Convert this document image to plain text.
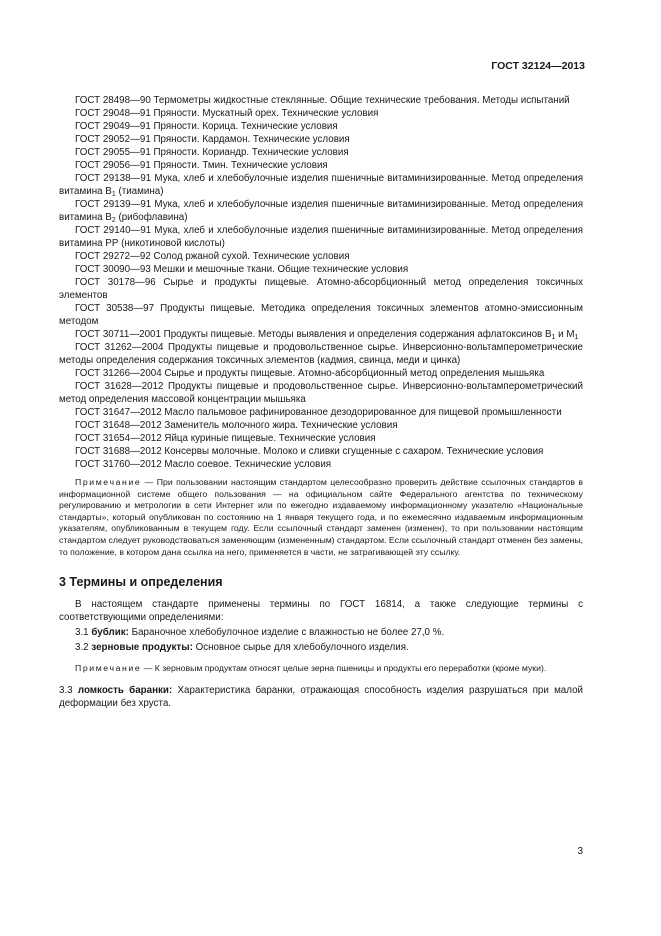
ГОСТ 32124—2013

ГОСТ 28498—90 Термометры жидкостные стеклянные. Общие технические требования. Методы испытаний

ГОСТ 29048—91 Пряности. Мускатный орех. Технические условия

ГОСТ 29049—91 Пряности. Корица. Технические условия

ГОСТ 29052—91 Пряности. Кардамон. Технические условия

ГОСТ 29055—91 Пряности. Кориандр. Технические условия

ГОСТ 29056—91 Пряности. Тмин. Технические условия

ГОСТ 29138—91 Мука, хлеб и хлебобулочные изделия пшеничные витаминизированные. Метод определения витамина $В_1$ (тиамина)

ГОСТ 29139—91 Мука, хлеб и хлебобулочные изделия пшеничные витаминизированные. Метод определения витамина $В_2$ (рибофлавина)

ГОСТ 29140—91 Мука, хлеб и хлебобулочные изделия пшеничные витаминизированные. Метод определения витамина РР (никотиновой кислоты)

ГОСТ 29272—92 Солод ржаной сухой. Технические условия

ГОСТ 30090—93 Мешки и мешочные ткани. Общие технические условия

ГОСТ 30178—96 Сырье и продукты пищевые. Атомно-абсорбционный метод определения токсичных элементов

ГОСТ 30538—97 Продукты пищевые. Методика определения токсичных элементов атомно-эмиссионным методом

ГОСТ 30711—2001 Продукты пищевые. Методы выявления и определения содержания афлатоксинов $В_1$ и $М_1$

ГОСТ 31262—2004 Продукты пищевые и продовольственное сырье. Инверсионно-вольтамперометрические методы определения содержания токсичных элементов (кадмия, свинца, меди и цинка)

ГОСТ 31266—2004 Сырье и продукты пищевые. Атомно-абсорбционный метод определения мышьяка

ГОСТ 31628—2012 Продукты пищевые и продовольственное сырье. Инверсионно-вольтамперометрический метод определения массовой концентрации мышьяка

ГОСТ 31647—2012 Масло пальмовое рафинированное дезодорированное для пищевой промышленности

ГОСТ 31648—2012 Заменитель молочного жира. Технические условия

ГОСТ 31654—2012 Яйца куриные пищевые. Технические условия

ГОСТ 31688—2012 Консервы молочные. Молоко и сливки сгущенные с сахаром. Технические условия

ГОСТ 31760—2012 Масло соевое. Технические условия

Примечание — При пользовании настоящим стандартом целесообразно проверить действие ссылочных стандартов в информационной системе общего пользования — на официальном сайте Федерального агентства по техническому регулированию и метрологии в сети Интернет или по ежегодно издаваемому информационному указателю «Национальные стандарты», который опубликован по состоянию на 1 января текущего года, и по ежемесячно издаваемым информационным указателям, опубликованным в текущем году. Если ссылочный стандарт заменен (изменен), то при пользовании настоящим стандартом следует руководствоваться заменяющим (измененным) стандартом. Если ссылочный стандарт отменен без замены, то положение, в котором дана ссылка на него, применяется в части, не затрагивающей эту ссылку.

3 Термины и определения

В настоящем стандарте применены термины по ГОСТ 16814, а также следующие термины с соответствующими определениями:

3.1 бублик: Бараночное хлебобулочное изделие с влажностью не более 27,0 %.

3.2 зерновые продукты: Основное сырье для хлебобулочного изделия.

Примечание — К зерновым продуктам относят целые зерна пшеницы и продукты его переработки (кроме муки).

3.3 ломкость баранки: Характеристика баранки, отражающая способность изделия разрушаться при малой деформации без хруста.

3
